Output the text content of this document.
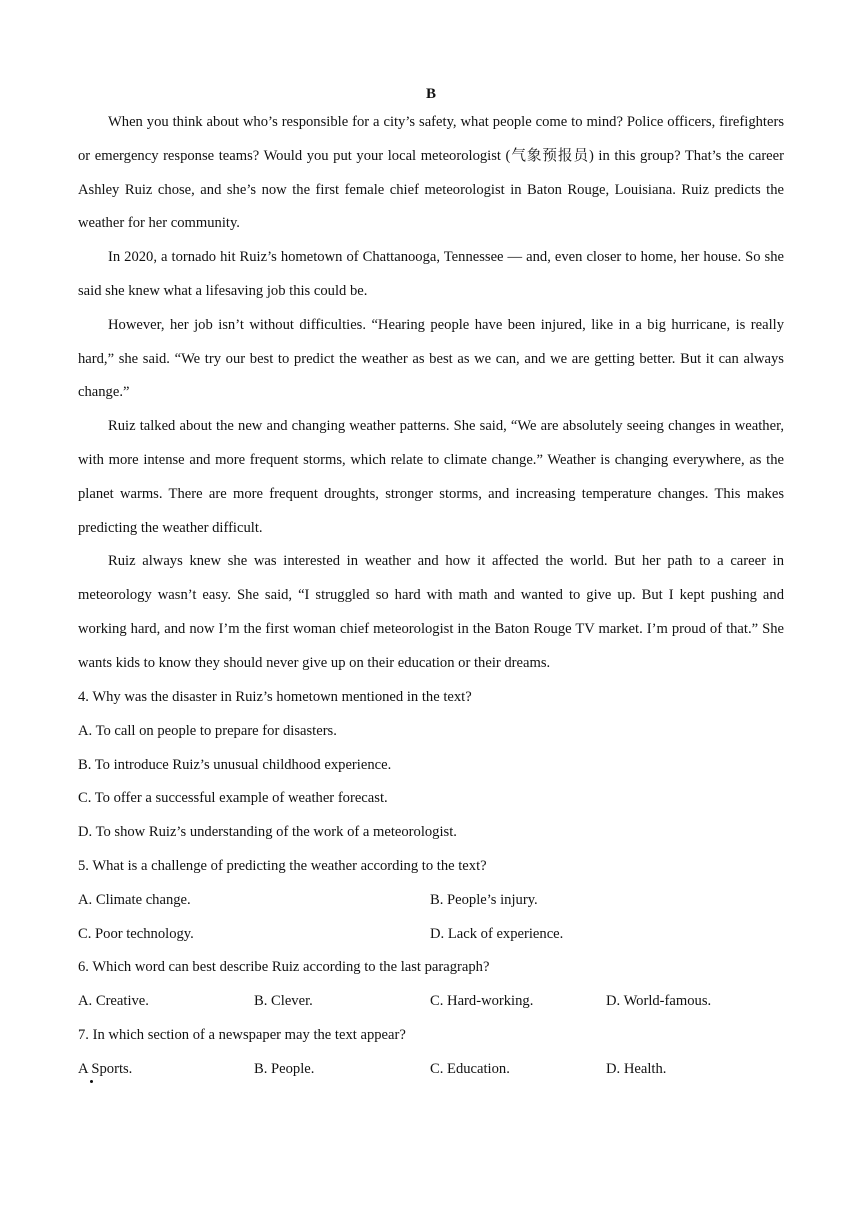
B

When you think about who’s responsible for a city’s safety, what people come to mind? Police officers, firefighters or emergency response teams? Would you put your local meteorologist (气象预报员) in this group? That’s the career Ashley Ruiz chose, and she’s now the first female chief meteorologist in Baton Rouge, Louisiana. Ruiz predicts the weather for her community.

In 2020, a tornado hit Ruiz’s hometown of Chattanooga, Tennessee — and, even closer to home, her house. So she said she knew what a lifesaving job this could be.

However, her job isn’t without difficulties. “Hearing people have been injured, like in a big hurricane, is really hard,” she said. “We try our best to predict the weather as best as we can, and we are getting better. But it can always change.”

Ruiz talked about the new and changing weather patterns. She said, “We are absolutely seeing changes in weather, with more intense and more frequent storms, which relate to climate change.” Weather is changing everywhere, as the planet warms. There are more frequent droughts, stronger storms, and increasing temperature changes. This makes predicting the weather difficult.

Ruiz always knew she was interested in weather and how it affected the world. But her path to a career in meteorology wasn’t easy. She said, “I struggled so hard with math and wanted to give up. But I kept pushing and working hard, and now I’m the first woman chief meteorologist in the Baton Rouge TV market. I’m proud of that.” She wants kids to know they should never give up on their education or their dreams.

4. Why was the disaster in Ruiz’s hometown mentioned in the text?
A. To call on people to prepare for disasters.
B. To introduce Ruiz’s unusual childhood experience.
C. To offer a successful example of weather forecast.
D. To show Ruiz’s understanding of the work of a meteorologist.
5. What is a challenge of predicting the weather according to the text?
A. Climate change.	B. People’s injury.
C. Poor technology.	D. Lack of experience.
6. Which word can best describe Ruiz according to the last paragraph?
A. Creative.	B. Clever.	C. Hard-working.	D. World-famous.
7. In which section of a newspaper may the text appear?
A Sports.	B. People.	C. Education.	D. Health.
